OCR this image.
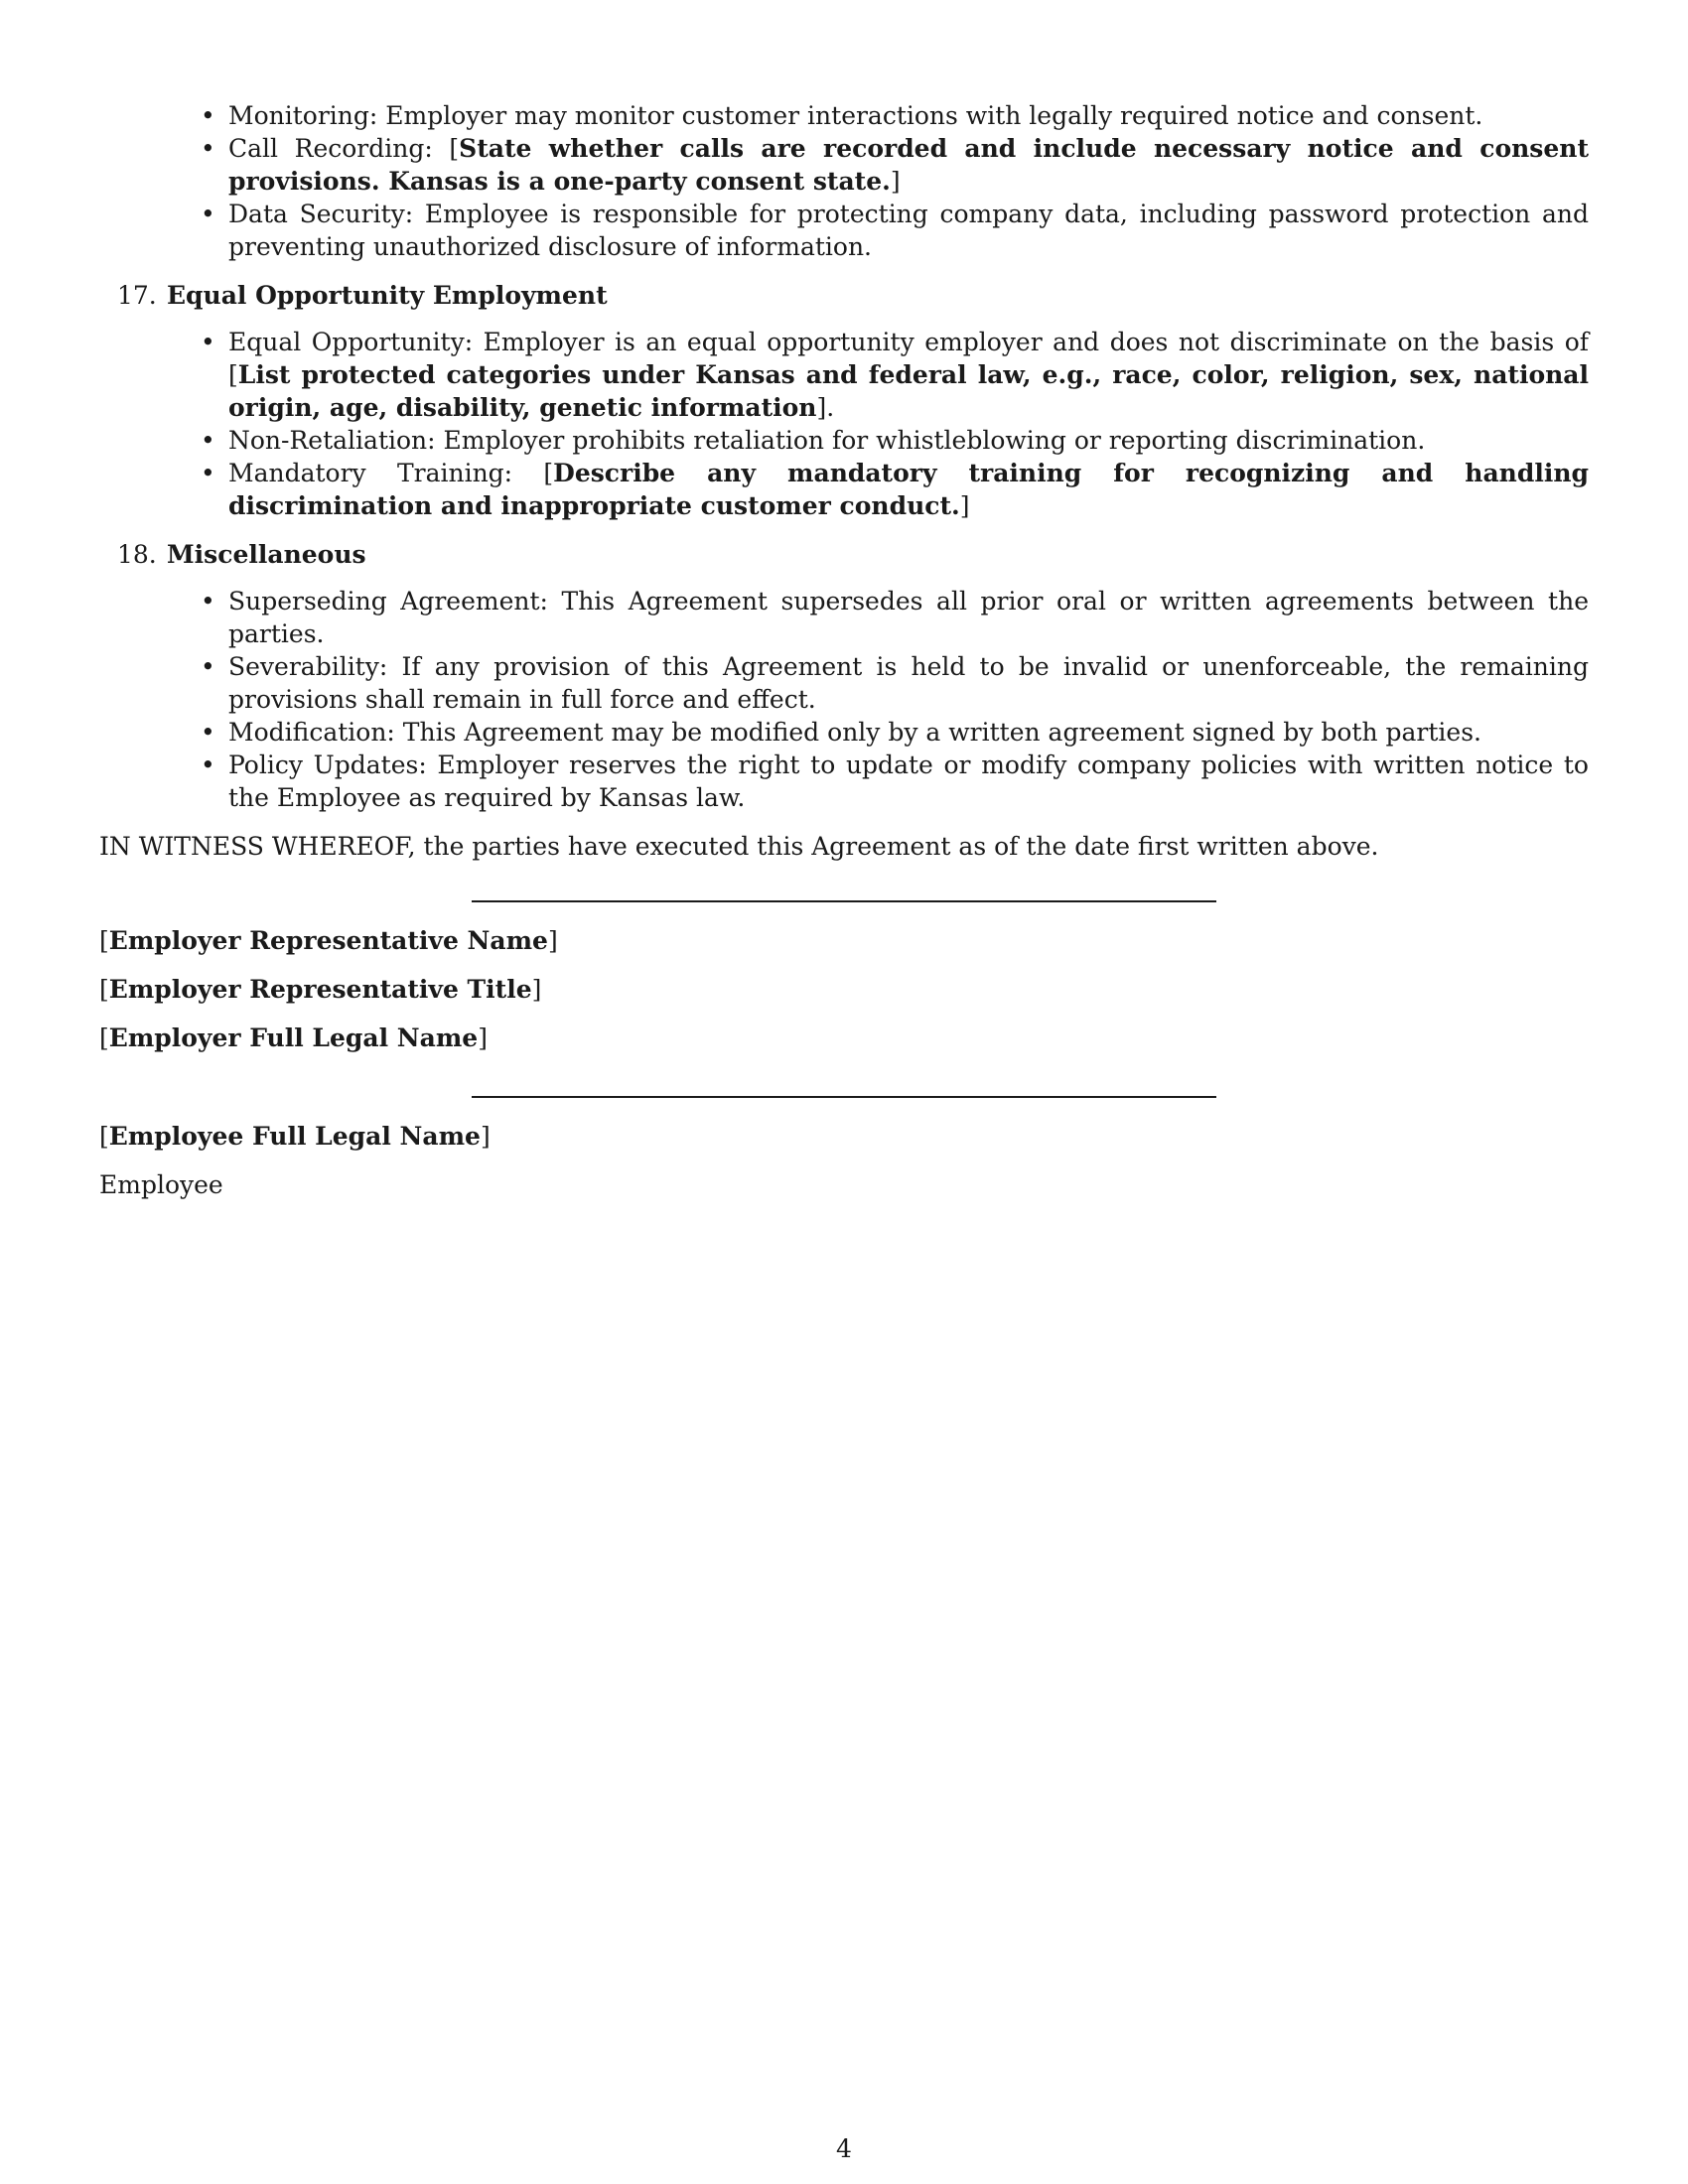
• Monitoring: Employer may monitor customer interactions with legally required notice and consent.
• Call Recording: [State whether calls are recorded and include necessary notice and consent provisions. Kansas is a one-party consent state.]
• Data Security: Employee is responsible for protecting company data, including password protection and preventing unauthorized disclosure of information.
17. Equal Opportunity Employment
• Equal Opportunity: Employer is an equal opportunity employer and does not discriminate on the basis of [List protected categories under Kansas and federal law, e.g., race, color, religion, sex, national origin, age, disability, genetic information].
• Non-Retaliation: Employer prohibits retaliation for whistleblowing or reporting discrimination.
• Mandatory Training: [Describe any mandatory training for recognizing and handling discrimination and inappropriate customer conduct.]
18. Miscellaneous
• Superseding Agreement: This Agreement supersedes all prior oral or written agreements between the parties.
• Severability: If any provision of this Agreement is held to be invalid or unenforceable, the remaining provisions shall remain in full force and effect.
• Modification: This Agreement may be modified only by a written agreement signed by both parties.
• Policy Updates: Employer reserves the right to update or modify company policies with written notice to the Employee as required by Kansas law.
IN WITNESS WHEREOF, the parties have executed this Agreement as of the date first written above.
[Employer Representative Name]
[Employer Representative Title]
[Employer Full Legal Name]
[Employee Full Legal Name]
Employee
4
